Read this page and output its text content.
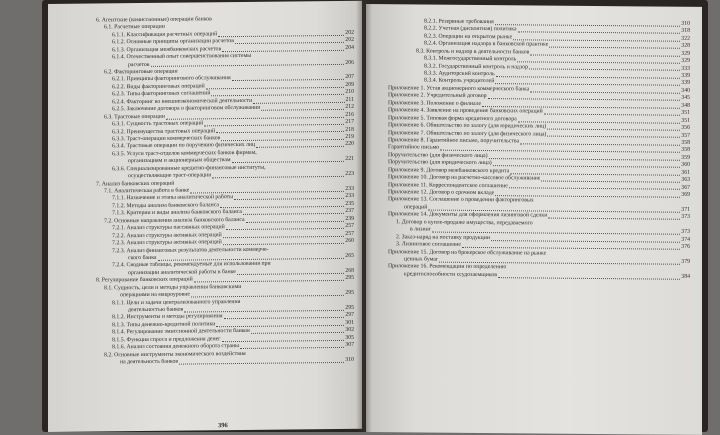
6. Агентские (комиссионные) операции банков
6.1. Расчетные операции
6.1.1. Классификация расчетных операций	202
6.1.2. Основные принципы организации расчетов	202
6.1.3. Организация межбанковских расчетов	204
6.1.4. Отечественный опыт совершенствования системы
расчетов	206
6.2. Факторинговые операции
6.2.1. Принципы факторингового обслуживания	207
6.2.2. Виды факторинговых операций	209
6.2.3. Типы факторинговых соглашений	210
6.2.4. Факторинг во внешнеэкономической деятельности	211
6.2.5. Заключение договора о факторинговом обслуживании	212
6.3. Трастовые операции	216
6.3.1. Сущность трастовых операций	217
6.3.2. Преимущества трастовых операций	218
6.3.3. Траст-операции коммерческих банков	219
6.3.4. Трастовые операции по поручению физических лиц	220
6.3.5. Услуги траст-отделов коммерческих банков фирмам,
организациям и акционерным обществам	221
6.3.6. Специализированные кредитно-финансовые институты,
осуществляющие траст-операции	223
7. Анализ банковских операций
7.1. Аналитическая работа в банке	233
7.1.1. Назначение и этапы аналитической работы	233
7.1.2. Методы анализа банковского баланса	235
7.1.3. Критерии и виды анализа банковского баланса	237
7.2. Основные направления анализа банковского баланса	239
7.2.1. Анализ структуры пассивных операций	257
7.2.2. Анализ структуры активных операций	257
7.2.3. Анализ структуры активных операций	260
7.2.3. Анализ финансовых результатов деятельности коммерче-
ского банка	265
7.2.4. Сводные таблицы, рекомендуемые для использования при
организации аналитической работы в банке	268
8. Регулирование банковских операций	295
8.1. Сущность, цели и методы управления банковскими
операциями на макроуровне	295
8.1.1. Цели и задачи централизованного управления
деятельностью банков	295
8.1.2. Инструменты и методы регулирования	297
8.1.3. Типы денежно-кредитной политики	301
8.1.4. Регулирование эмиссионной деятельности банков	302
8.1.5. Функция спроса и предложения денег	305
8.1.6. Анализ состояния денежного оборота страны	307
8.2. Основные инструменты экономического воздействия
на деятельность банков	310
396
8.2.1. Резервные требования	310
8.2.2. Учетная (дисконтная) политика	318
8.2.3. Операции на открытом рынке	322
8.2.4. Организация надзора в банковской практике	328
8.3. Контроль и надзор в деятельности банков	329
8.3.1. Межгосударственный контроль	329
8.3.2. Государственный контроль и надзор	333
8.3.3. Аудиторский контроль	339
8.3.4. Контроль учредителей	339
Приложение 1. Устав акционерного коммерческого банка	340
Приложение 2. Учредительный договор	345
Приложение 3. Положение о филиале	348
Приложение 4. Заявление на проведение банковских операций	351
Приложение 5. Типовая форма кредитного договора	351
Приложение 6. Обязательство по залогу (для юридических лиц)	356
Приложение 7. Обязательство по залогу (для физического лица)	357
Приложение 8. Гарантийное письмо, поручительства	358
Гарантийное письмо	358
Поручительство (для физического лица)	359
Поручительство (для юридического лица)	360
Приложение 9. Договор межбанковского кредита	361
Приложение 10. Договор на расчетно-кассовое обслуживание	363
Приложение 11. Корреспондентское соглашение	367
Приложение 12. Договор о срочном вкладе	369
Приложение 13. Соглашение о проведении факторинговых
операций	371
Приложение 14. Документы для оформления лизинговой сделки	373
1. Договор о купле-продаже имущества, передаваемого
в лизинг	373
2. Заказ-наряд на поставку продукции	374
3. Лизинговое соглашение	376
Приложение 15. Договор на брокерское обслуживание на рынке
ценных бумаг	379
Приложение 16. Рекомендации по определению
кредитоспособности ссудозаемщиков	384
